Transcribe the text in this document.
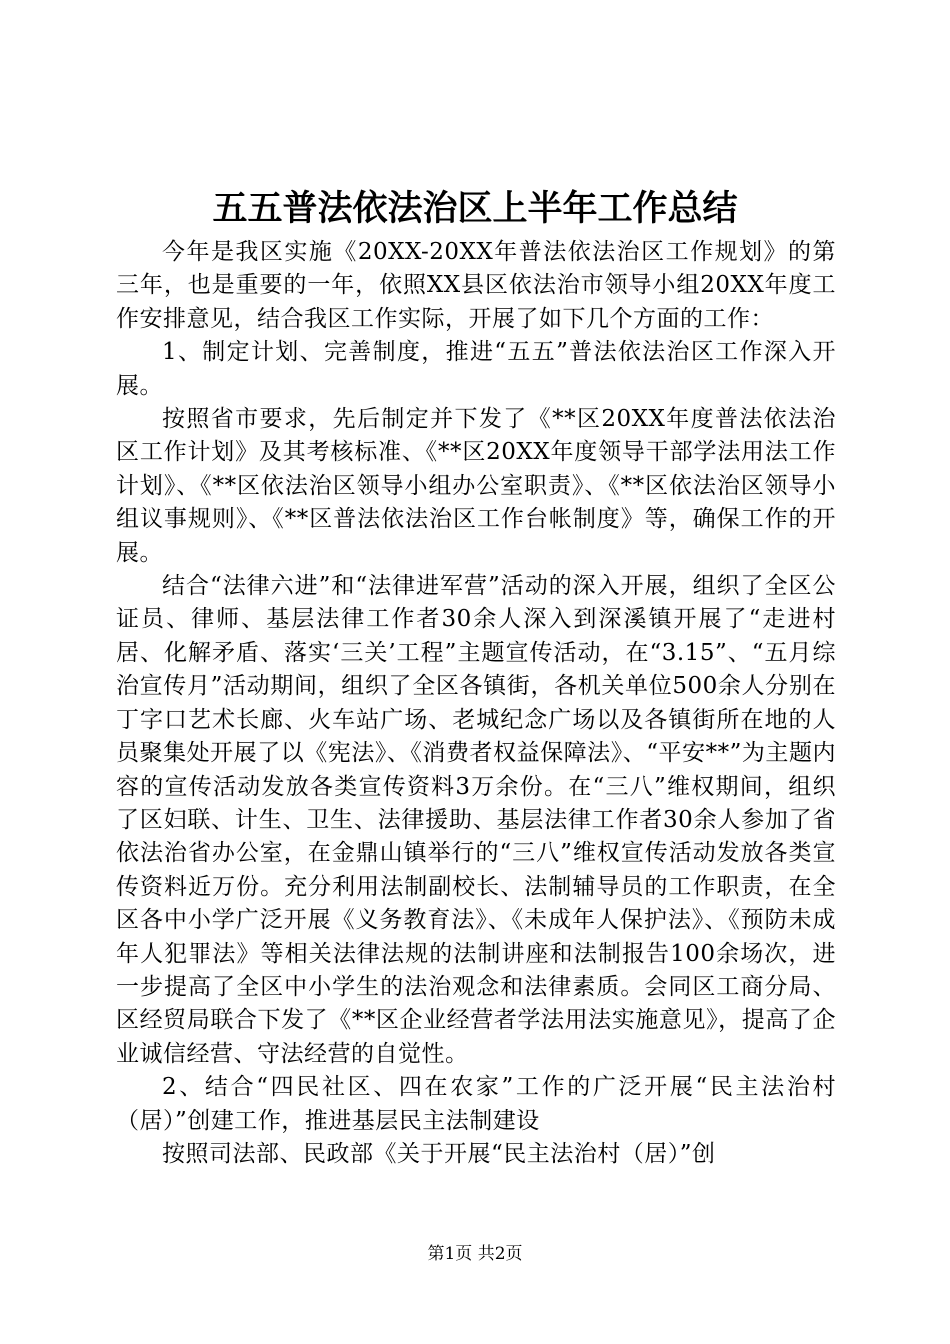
五五普法依法治区上半年工作总结

今年是我区实施《20XX-20XX年普法依法治区工作规划》的第三年，也是重要的一年，依照XX县区依法治市领导小组20XX年度工作安排意见，结合我区工作实际，开展了如下几个方面的工作：

1、制定计划、完善制度，推进“五五”普法依法治区工作深入开展。

按照省市要求，先后制定并下发了《**区20XX年度普法依法治区工作计划》及其考核标准、《**区20XX年度领导干部学法用法工作计划》、《**区依法治区领导小组办公室职责》、《**区依法治区领导小组议事规则》、《**区普法依法治区工作台帐制度》等，确保工作的开展。

结合“法律六进”和“法律进军营”活动的深入开展，组织了全区公证员、律师、基层法律工作者30余人深入到深溪镇开展了“走进村居、化解矛盾、落实‘三关’工程”主题宣传活动，在“3.15”、“五月综治宣传月”活动期间，组织了全区各镇街，各机关单位500余人分别在丁字口艺术长廊、火车站广场、老城纪念广场以及各镇街所在地的人员聚集处开展了以《宪法》、《消费者权益保障法》、“平安**”为主题内容的宣传活动发放各类宣传资料3万余份。在“三八”维权期间，组织了区妇联、计生、卫生、法律援助、基层法律工作者30余人参加了省依法治省办公室，在金鼎山镇举行的“三八”维权宣传活动发放各类宣传资料近万份。充分利用法制副校长、法制辅导员的工作职责，在全区各中小学广泛开展《义务教育法》、《未成年人保护法》、《预防未成年人犯罪法》等相关法律法规的法制讲座和法制报告100余场次，进一步提高了全区中小学生的法治观念和法律素质。会同区工商分局、区经贸局联合下发了《**区企业经营者学法用法实施意见》，提高了企业诚信经营、守法经营的自觉性。

2、结合“四民社区、四在农家”工作的广泛开展“民主法治村（居）”创建工作，推进基层民主法制建设

按照司法部、民政部《关于开展“民主法治村（居）”创

第1页 共2页
